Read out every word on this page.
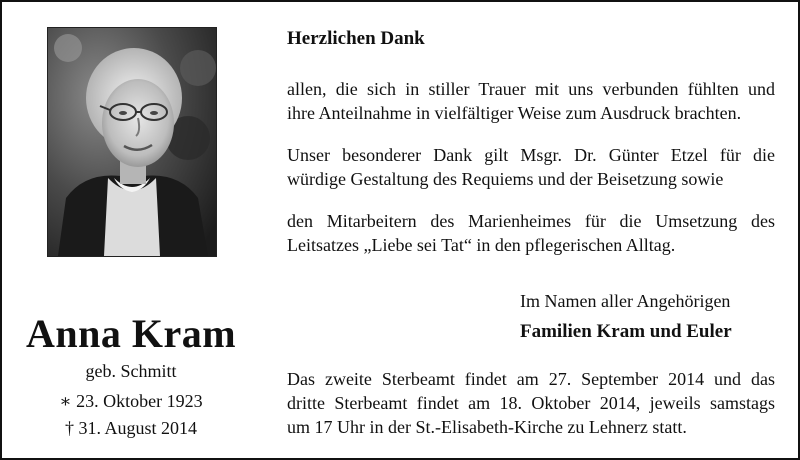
Anna Kram
geb. Schmitt
∗ 23. Oktober 1923
† 31. August 2014
Herzlichen Dank
allen, die sich in stiller Trauer mit uns verbunden fühlten und
ihre Anteilnahme in vielfältiger Weise zum Ausdruck brachten.
Unser besonderer Dank gilt Msgr. Dr. Günter Etzel für die
würdige Gestaltung des Requiems und der Beisetzung sowie
den Mitarbeitern des Marienheimes für die Umsetzung des
Leitsatzes „Liebe sei Tat“ in den pflegerischen Alltag.
Im Namen aller Angehörigen
Familien Kram und Euler
Das zweite Sterbeamt findet am 27. September 2014 und das
dritte Sterbeamt findet am 18. Oktober 2014, jeweils samstags
um 17 Uhr in der St.-Elisabeth-Kirche zu Lehnerz statt.
